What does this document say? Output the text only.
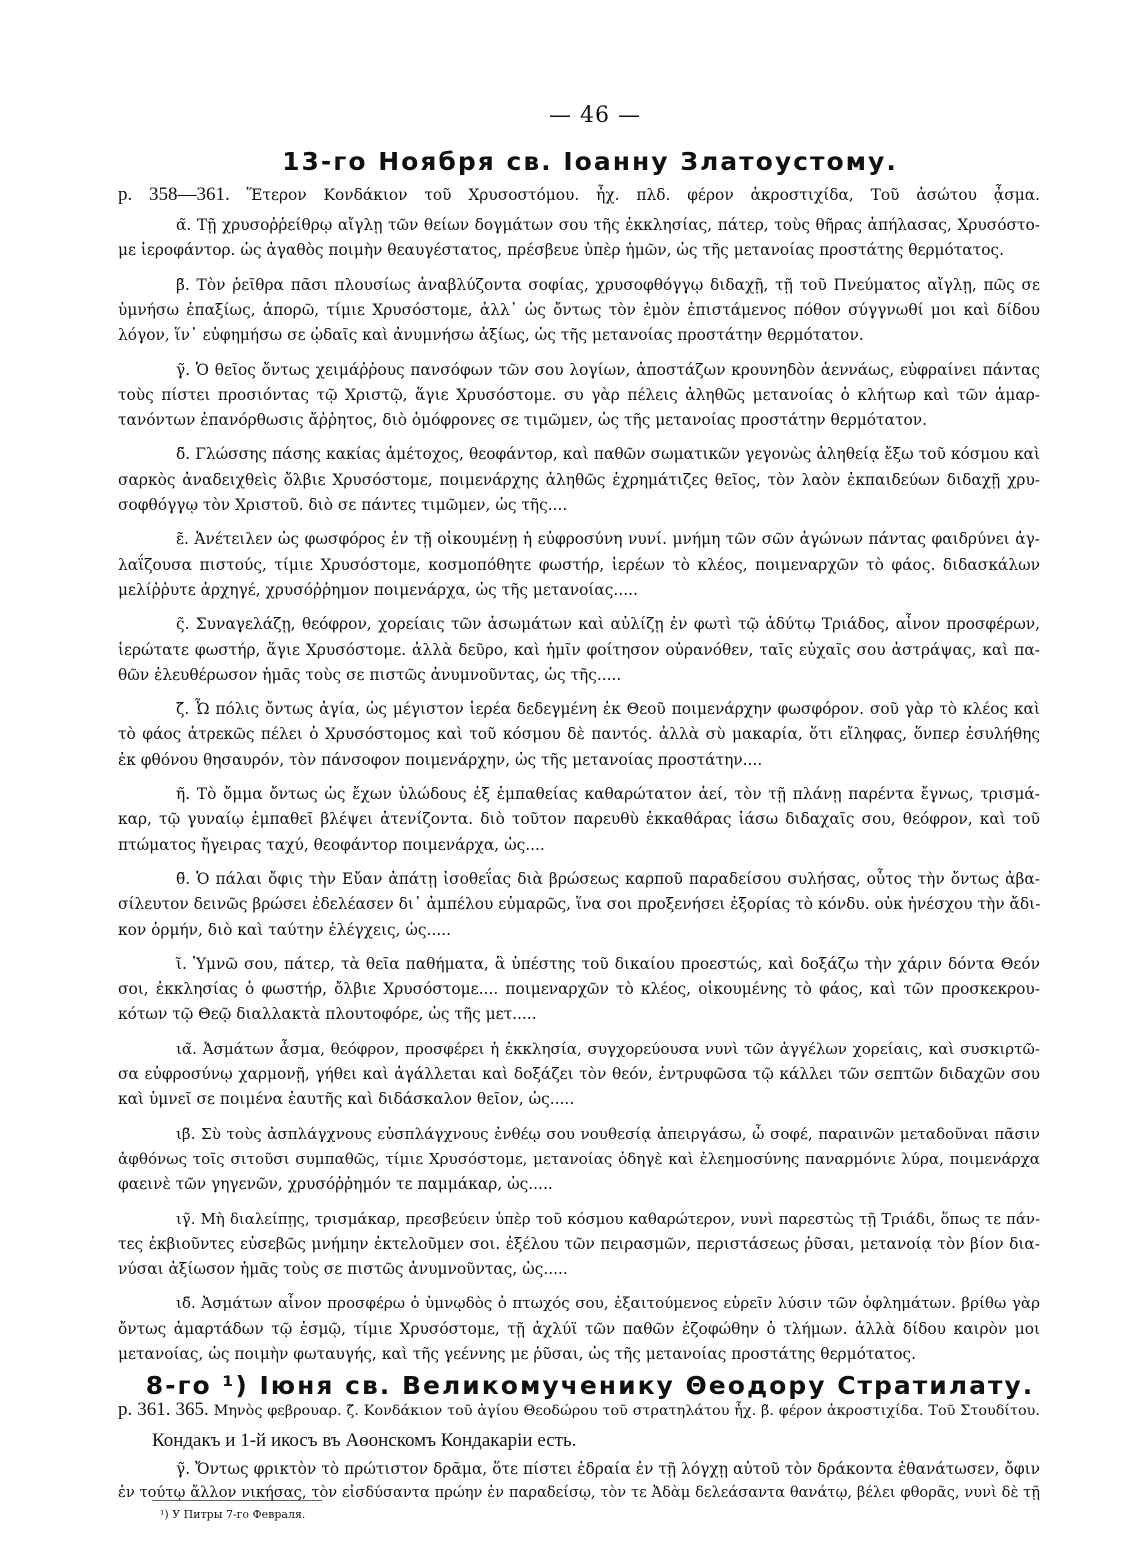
— 46 —
13-го Ноября св. Іоанну Златоустому.
р. 358—361. Ἕτερον Κονδάκιον τοῦ Χρυσοστόμου. ἦχ. πλδ. φέρον ἀκροστιχίδα, Τοῦ ἀσώτου ᾆσμα.
α̃. Τῇ χρυσοῤῥείθρῳ αἴγλῃ τῶν θείων δογμάτων σου τῆς ἐκκλησίας, πάτερ, τοὺς θῆρας ἀπήλασας, Χρυσόστο-
με ἱεροφάντορ. ὡς ἀγαθὸς ποιμὴν θεαυγέστατος, πρέσβευε ὑπὲρ ἡμῶν, ὡς τῆς μετανοίας προστάτης θερμότατος.
β̃. Τὸν ῥεῖθρα πᾶσι πλουσίως ἀναβλύζοντα σοφίας, χρυσοφθόγγῳ διδαχῇ, τῇ τοῦ Πνεύματος αἴγλῃ, πῶς σε
ὑμνήσω ἐπαξίως, ἀπορῶ, τίμιε Χρυσόστομε, ἀλλ᾽ ὡς ὄντως τὸν ἐμὸν ἐπιστάμενος πόθον σύγγνωθί μοι καὶ δίδου
λόγον, ἵν᾽ εὐφημήσω σε ᾠδαῖς καὶ ἀνυμνήσω ἀξίως, ὡς τῆς μετανοίας προστάτην θερμότατον.
γ̃. Ὁ θεῖος ὄντως χειμάῤῥους πανσόφων τῶν σου λογίων, ἀποστάζων κρουνηδὸν ἀεννάως, εὐφραίνει πάντας
τοὺς πίστει προσιόντας τῷ Χριστῷ, ἅγιε Χρυσόστομε. συ γὰρ πέλεις ἀληθῶς μετανοίας ὁ κλήτωρ καὶ τῶν ἁμαρ-
τανόντων ἐπανόρθωσις ἄῤῥητος, διὸ ὁμόφρονες σε τιμῶμεν, ὡς τῆς μετανοίας προστάτην θερμότατον.
δ̃. Γλώσσης πάσης κακίας ἀμέτοχος, θεοφάντορ, καὶ παθῶν σωματικῶν γεγονὼς ἀληθείᾳ ἔξω τοῦ κόσμου καὶ
σαρκὸς ἀναδειχθεὶς ὄλβιε Χρυσόστομε, ποιμενάρχης ἀληθῶς ἐχρημάτιζες θεῖος, τὸν λαὸν ἐκπαιδεύων διδαχῇ χρυ-
σοφθόγγῳ τὸν Χριστοῦ. διὸ σε πάντες τιμῶμεν, ὡς τῆς....
ε̃. Ἀνέτειλεν ὡς φωσφόρος ἐν τῇ οἰκουμένῃ ἡ εὐφροσύνη νυνί. μνήμη τῶν σῶν ἀγώνων πάντας φαιδρύνει ἀγ-
λαΐζουσα πιστούς, τίμιε Χρυσόστομε, κοσμοπόθητε φωστήρ, ἱερέων τὸ κλέος, ποιμεναρχῶν τὸ φάος. διδασκάλων
μελίῤῥυτε ἀρχηγέ, χρυσόῤῥημον ποιμενάρχα, ὡς τῆς μετανοίας.....
ς̃. Συναγελάζῃ, θεόφρον, χορείαις τῶν ἀσωμάτων καὶ αὐλίζῃ ἐν φωτὶ τῷ ἀδύτῳ Τριάδος, αἶνον προσφέρων,
ἱερώτατε φωστήρ, ἅγιε Χρυσόστομε. ἀλλὰ δεῦρο, καὶ ἡμῖν φοίτησον οὐρανόθεν, ταῖς εὐχαῖς σου ἀστράψας, καὶ πα-
θῶν ἐλευθέρωσον ἡμᾶς τοὺς σε πιστῶς ἀνυμνοῦντας, ὡς τῆς.....
ζ̃. Ὦ πόλις ὄντως ἁγία, ὡς μέγιστον ἱερέα δεδεγμένη ἐκ Θεοῦ ποιμενάρχην φωσφόρον. σοῦ γὰρ τὸ κλέος καὶ
τὸ φάος ἀτρεκῶς πέλει ὁ Χρυσόστομος καὶ τοῦ κόσμου δὲ παντός. ἀλλὰ σὺ μακαρία, ὅτι εἴληφας, ὅνπερ ἐσυλήθης
ἐκ φθόνου θησαυρόν, τὸν πάνσοφον ποιμενάρχην, ὡς τῆς μετανοίας προστάτην....
η̃. Τὸ ὄμμα ὄντως ὡς ἔχων ὑλώδους ἐξ ἐμπαθείας καθαρώτατον ἀεί, τὸν τῇ πλάνῃ παρέντα ἔγνως, τρισμά-
καρ, τῷ γυναίῳ ἐμπαθεῖ βλέψει ἀτενίζοντα. διὸ τοῦτον παρευθὺ ἐκκαθάρας ἰάσω διδαχαῖς σου, θεόφρον, καὶ τοῦ
πτώματος ἤγειρας ταχύ, θεοφάντορ ποιμενάρχα, ὡς....
θ̃. Ὁ πάλαι ὄφις τὴν Εὔαν ἀπάτῃ ἰσοθεΐας διὰ βρώσεως καρποῦ παραδείσου συλήσας, οὗτος τὴν ὄντως ἀβα-
σίλευτον δεινῶς βρώσει ἐδελέασεν δι᾽ ἀμπέλου εὐμαρῶς, ἵνα σοι προξενήσει ἐξορίας τὸ κόνδυ. οὐκ ἠνέσχου τὴν ἄδι-
κον ὁρμήν, διὸ καὶ ταύτην ἐλέγχεις, ὡς.....
ι̃. Ὑμνῶ σου, πάτερ, τὰ θεῖα παθήματα, ἃ ὑπέστης τοῦ δικαίου προεστώς, καὶ δοξάζω τὴν χάριν δόντα Θεόν
σοι, ἐκκλησίας ὁ φωστήρ, ὄλβιε Χρυσόστομε.... ποιμεναρχῶν τὸ κλέος, οἰκουμένης τὸ φάος, καὶ τῶν προσκεκρου-
κότων τῷ Θεῷ διαλλακτὰ πλουτοφόρε, ὡς τῆς μετ.....
ια̃. Ἀσμάτων ἆσμα, θεόφρον, προσφέρει ἡ ἐκκλησία, συγχορεύουσα νυνὶ τῶν ἀγγέλων χορείαις, καὶ συσκιρτῶ-
σα εὐφροσύνῳ χαρμονῇ, γήθει καὶ ἀγάλλεται καὶ δοξάζει τὸν θεόν, ἐντρυφῶσα τῷ κάλλει τῶν σεπτῶν διδαχῶν σου
καὶ ὑμνεῖ σε ποιμένα ἑαυτῆς καὶ διδάσκαλον θεῖον, ὡς.....
ιβ̃. Σὺ τοὺς ἀσπλάγχνους εὐσπλάγχνους ἐνθέῳ σου νουθεσίᾳ ἀπειργάσω, ὦ σοφέ, παραινῶν μεταδοῦναι πᾶσιν
ἀφθόνως τοῖς σιτοῦσι συμπαθῶς, τίμιε Χρυσόστομε, μετανοίας ὁδηγὲ καὶ ἐλεημοσύνης παναρμόνιε λύρα, ποιμενάρχα
φαεινὲ τῶν γηγενῶν, χρυσόῤῥημόν τε παμμάκαρ, ὡς.....
ιγ̃. Μὴ διαλείπῃς, τρισμάκαρ, πρεσβεύειν ὑπὲρ τοῦ κόσμου καθαρώτερον, νυνὶ παρεστὼς τῇ Τριάδι, ὅπως τε πάν-
τες ἐκβιοῦντες εὐσεβῶς μνήμην ἐκτελοῦμεν σοι. ἐξέλου τῶν πειρασμῶν, περιστάσεως ῥῦσαι, μετανοίᾳ τὸν βίον δια-
νύσαι ἀξίωσον ἡμᾶς τοὺς σε πιστῶς ἀνυμνοῦντας, ὡς.....
ιδ̃. Ἀσμάτων αἶνον προσφέρω ὁ ὑμνῳδὸς ὁ πτωχός σου, ἐξαιτούμενος εὑρεῖν λύσιν τῶν ὀφλημάτων. βρίθω γὰρ
ὄντως ἁμαρτάδων τῷ ἑσμῷ, τίμιε Χρυσόστομε, τῇ ἀχλύϊ τῶν παθῶν ἐζοφώθην ὁ τλήμων. ἀλλὰ δίδου καιρὸν μοι
μετανοίας, ὡς ποιμὴν φωταυγής, καὶ τῆς γεέννης με ῥῦσαι, ὡς τῆς μετανοίας προστάτης θερμότατος.
8-го ¹) Іюня св. Великомученику Θеодору Стратилату.
р. 361. 365. Μηνὸς φεβρουαρ. ζ̃. Κονδάκιον τοῦ ἁγίου Θεοδώρου τοῦ στρατηλάτου ἦχ. β̃. φέρον ἀκροστιχίδα. Τοῦ Στουδίτου.
Кондакъ и 1-й икосъ въ Аѳонскомъ Кондакаріи есть.
γ̃. Ὄντως φρικτὸν τὸ πρώτιστον δρᾶμα, ὅτε πίστει ἑδραία ἐν τῇ λόγχῃ αὐτοῦ τὸν δράκοντα ἐθανάτωσεν, ὄφιν
ἐν τούτῳ ἄλλον νικήσας, τὸν εἰσδύσαντα πρώην ἐν παραδείσῳ, τὸν τε Ἀδὰμ δελεάσαντα θανάτῳ, βέλει φθορᾶς, νυνὶ δὲ τῇ
¹) У Питры 7-го Февраля.
